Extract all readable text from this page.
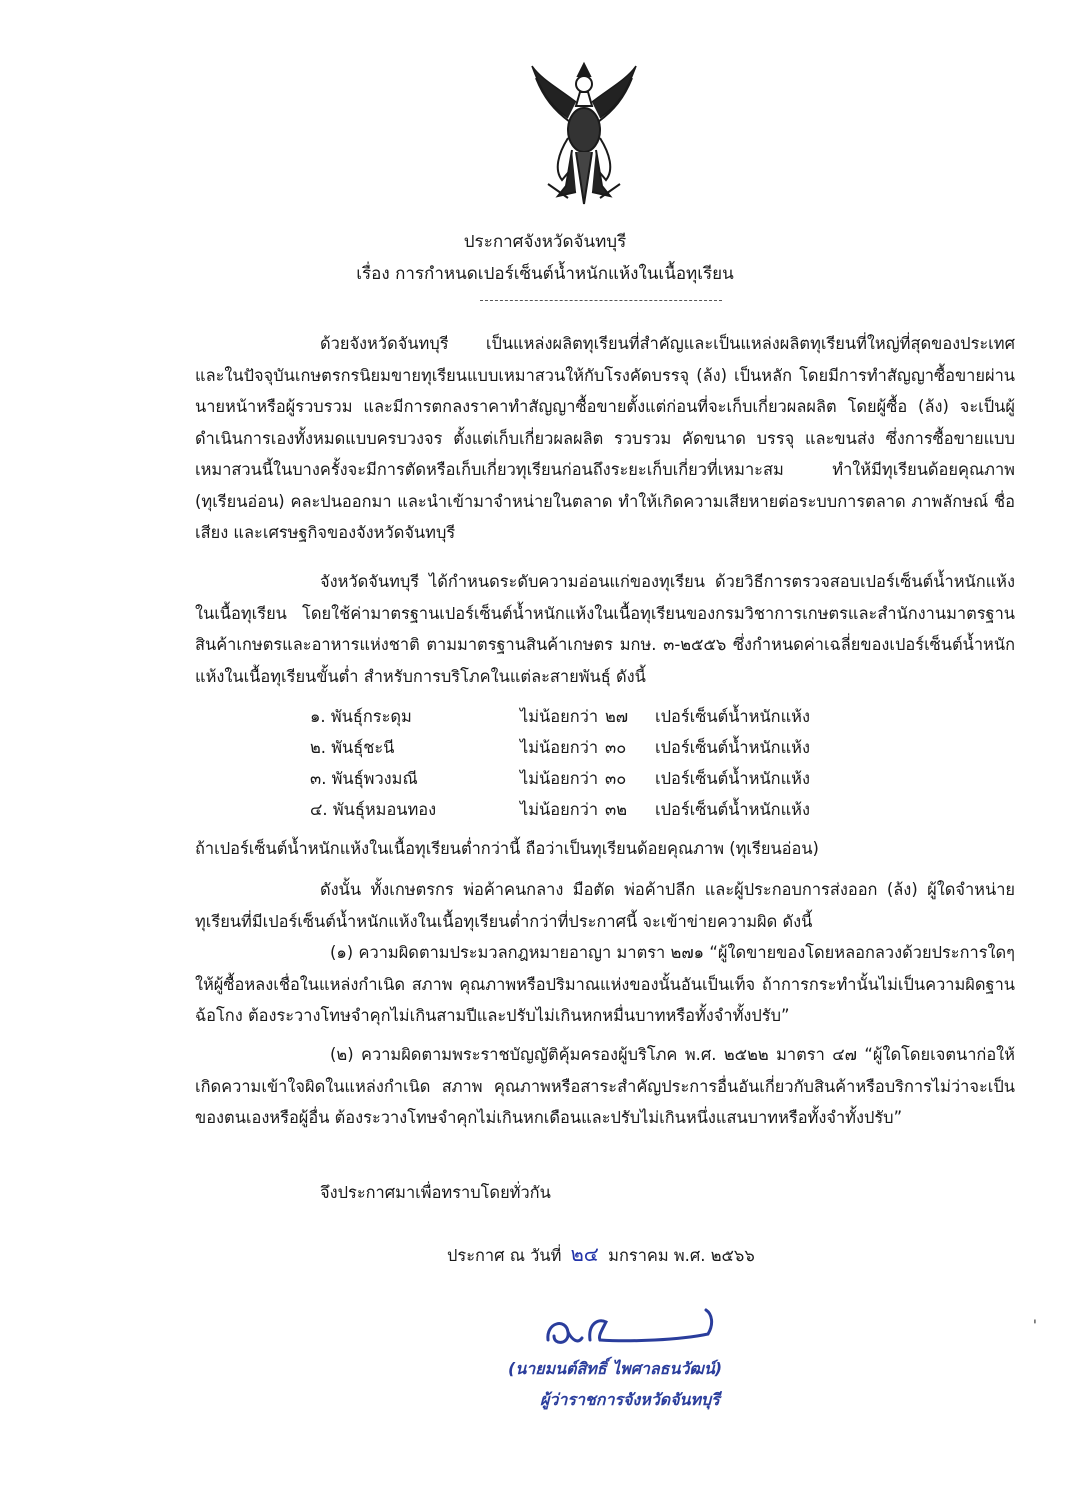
ประกาศจังหวัดจันทบุรี
เรื่อง การกำหนดเปอร์เซ็นต์น้ำหนักแห้งในเนื้อทุเรียน

ด้วยจังหวัดจันทบุรี เป็นแหล่งผลิตทุเรียนที่สำคัญและเป็นแหล่งผลิตทุเรียนที่ใหญ่ที่สุดของประเทศ และในปัจจุบันเกษตรกรนิยมขายทุเรียนแบบเหมาสวนให้กับโรงคัดบรรจุ (ล้ง) เป็นหลัก โดยมีการทำสัญญาซื้อขายผ่านนายหน้าหรือผู้รวบรวม และมีการตกลงราคาทำสัญญาซื้อขายตั้งแต่ก่อนที่จะเก็บเกี่ยวผลผลิต โดยผู้ซื้อ (ล้ง) จะเป็นผู้ดำเนินการเองทั้งหมดแบบครบวงจร ตั้งแต่เก็บเกี่ยวผลผลิต รวบรวม คัดขนาด บรรจุ และขนส่ง ซึ่งการซื้อขายแบบเหมาสวนนี้ในบางครั้งจะมีการตัดหรือเก็บเกี่ยวทุเรียนก่อนถึงระยะเก็บเกี่ยวที่เหมาะสม ทำให้มีทุเรียนด้อยคุณภาพ (ทุเรียนอ่อน) คละปนออกมา และนำเข้ามาจำหน่ายในตลาด ทำให้เกิดความเสียหายต่อระบบการตลาด ภาพลักษณ์ ชื่อเสียง และเศรษฐกิจของจังหวัดจันทบุรี

จังหวัดจันทบุรี ได้กำหนดระดับความอ่อนแก่ของทุเรียน ด้วยวิธีการตรวจสอบเปอร์เซ็นต์น้ำหนักแห้งในเนื้อทุเรียน โดยใช้ค่ามาตรฐานเปอร์เซ็นต์น้ำหนักแห้งในเนื้อทุเรียนของกรมวิชาการเกษตรและสำนักงานมาตรฐานสินค้าเกษตรและอาหารแห่งชาติ ตามมาตรฐานสินค้าเกษตร มกษ. ๓-๒๕๕๖ ซึ่งกำหนดค่าเฉลี่ยของเปอร์เซ็นต์น้ำหนักแห้งในเนื้อทุเรียนขั้นต่ำ สำหรับการบริโภคในแต่ละสายพันธุ์ ดังนี้

๑. พันธุ์กระดุม	ไม่น้อยกว่า ๒๗ เปอร์เซ็นต์น้ำหนักแห้ง
๒. พันธุ์ชะนี	ไม่น้อยกว่า ๓๐ เปอร์เซ็นต์น้ำหนักแห้ง
๓. พันธุ์พวงมณี	ไม่น้อยกว่า ๓๐ เปอร์เซ็นต์น้ำหนักแห้ง
๔. พันธุ์หมอนทอง	ไม่น้อยกว่า ๓๒ เปอร์เซ็นต์น้ำหนักแห้ง
ถ้าเปอร์เซ็นต์น้ำหนักแห้งในเนื้อทุเรียนต่ำกว่านี้ ถือว่าเป็นทุเรียนด้อยคุณภาพ (ทุเรียนอ่อน)

ดังนั้น ทั้งเกษตรกร พ่อค้าคนกลาง มือตัด พ่อค้าปลีก และผู้ประกอบการส่งออก (ล้ง) ผู้ใดจำหน่ายทุเรียนที่มีเปอร์เซ็นต์น้ำหนักแห้งในเนื้อทุเรียนต่ำกว่าที่ประกาศนี้ จะเข้าข่ายความผิด ดังนี้

(๑) ความผิดตามประมวลกฎหมายอาญา มาตรา ๒๗๑ “ผู้ใดขายของโดยหลอกลวงด้วยประการใดๆ ให้ผู้ซื้อหลงเชื่อในแหล่งกำเนิด สภาพ คุณภาพหรือปริมาณแห่งของนั้นอันเป็นเท็จ ถ้าการกระทำนั้นไม่เป็นความผิดฐานฉ้อโกง ต้องระวางโทษจำคุกไม่เกินสามปีและปรับไม่เกินหกหมื่นบาทหรือทั้งจำทั้งปรับ”

(๒) ความผิดตามพระราชบัญญัติคุ้มครองผู้บริโภค พ.ศ. ๒๕๒๒ มาตรา ๔๗ “ผู้ใดโดยเจตนาก่อให้เกิดความเข้าใจผิดในแหล่งกำเนิด สภาพ คุณภาพหรือสาระสำคัญประการอื่นอันเกี่ยวกับสินค้าหรือบริการไม่ว่าจะเป็นของตนเองหรือผู้อื่น ต้องระวางโทษจำคุกไม่เกินหกเดือนและปรับไม่เกินหนึ่งแสนบาทหรือทั้งจำทั้งปรับ”

จึงประกาศมาเพื่อทราบโดยทั่วกัน
ประกาศ ณ วันที่ ๒๔ มกราคม พ.ศ. ๒๕๖๖
(นายมนต์สิทธิ์ ไพศาลธนวัฒน์)
ผู้ว่าราชการจังหวัดจันทบุรี
'
